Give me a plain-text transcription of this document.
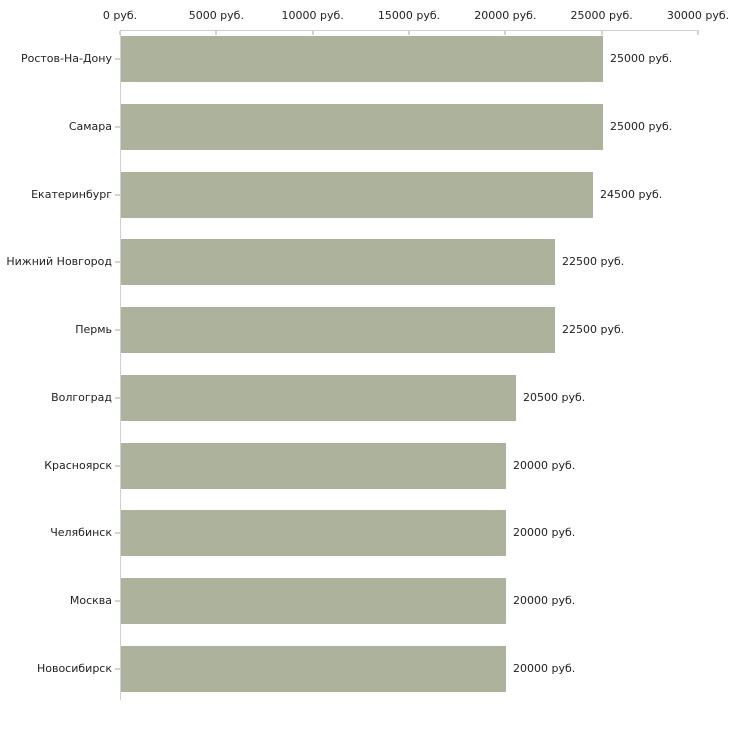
0 руб.	5000 руб.	10000 руб.	15000 руб.	20000 руб.	25000 руб.	30000 руб.
Ростов-На-Дону	25000 руб.
Самара	25000 руб.
Екатеринбург	24500 руб.
Нижний Новгород	22500 руб.
Пермь	22500 руб.
Волгоград	20500 руб.
Красноярск	20000 руб.
Челябинск	20000 руб.
Москва	20000 руб.
Новосибирск	20000 руб.
